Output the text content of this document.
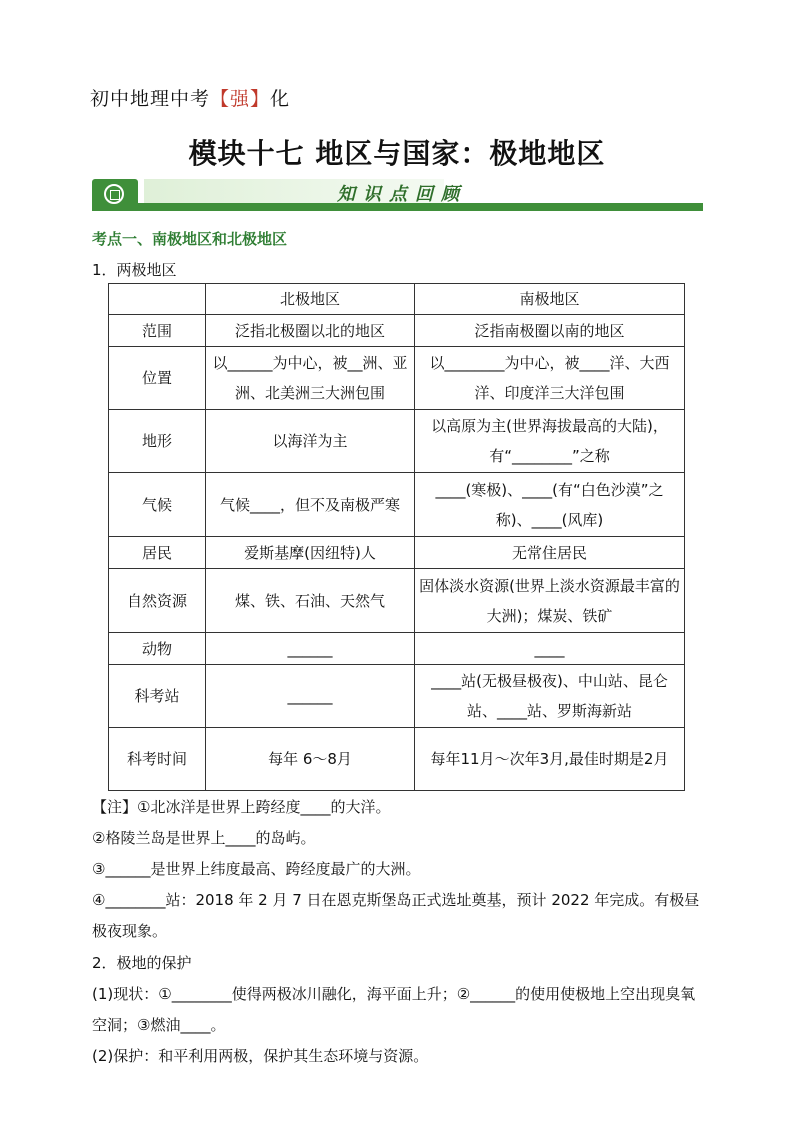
初中地理中考【强】化
模块十七 地区与国家：极地地区
知识点回顾
考点一、南极地区和北极地区
1．两极地区
	北极地区	南极地区
范围	泛指北极圈以北的地区	泛指南极圈以南的地区
位置	以______为中心，被__洲、亚洲、北美洲三大洲包围	以________为中心，被____洋、大西洋、印度洋三大洋包围
地形	以海洋为主	以高原为主(世界海拔最高的大陆)，有“________”之称
气候	气候____，但不及南极严寒	____(寒极)、____(有“白色沙漠”之称)、____(风库)
居民	爱斯基摩(因纽特)人	无常住居民
自然资源	煤、铁、石油、天然气	固体淡水资源(世界上淡水资源最丰富的大洲)；煤炭、铁矿
动物	______	____
科考站	______	____站(无极昼极夜)、中山站、昆仑站、____站、罗斯海新站
科考时间	每年 6～8月	每年11月～次年3月,最佳时期是2月
【注】①北冰洋是世界上跨经度____的大洋。
②格陵兰岛是世界上____的岛屿。
③______是世界上纬度最高、跨经度最广的大洲。
④________站：2018 年 2 月 7 日在恩克斯堡岛正式选址奠基，预计 2022 年完成。有极昼极夜现象。
2．极地的保护
(1)现状：①________使得两极冰川融化，海平面上升；②______的使用使极地上空出现臭氧空洞；③燃油____。
(2)保护：和平利用两极，保护其生态环境与资源。
